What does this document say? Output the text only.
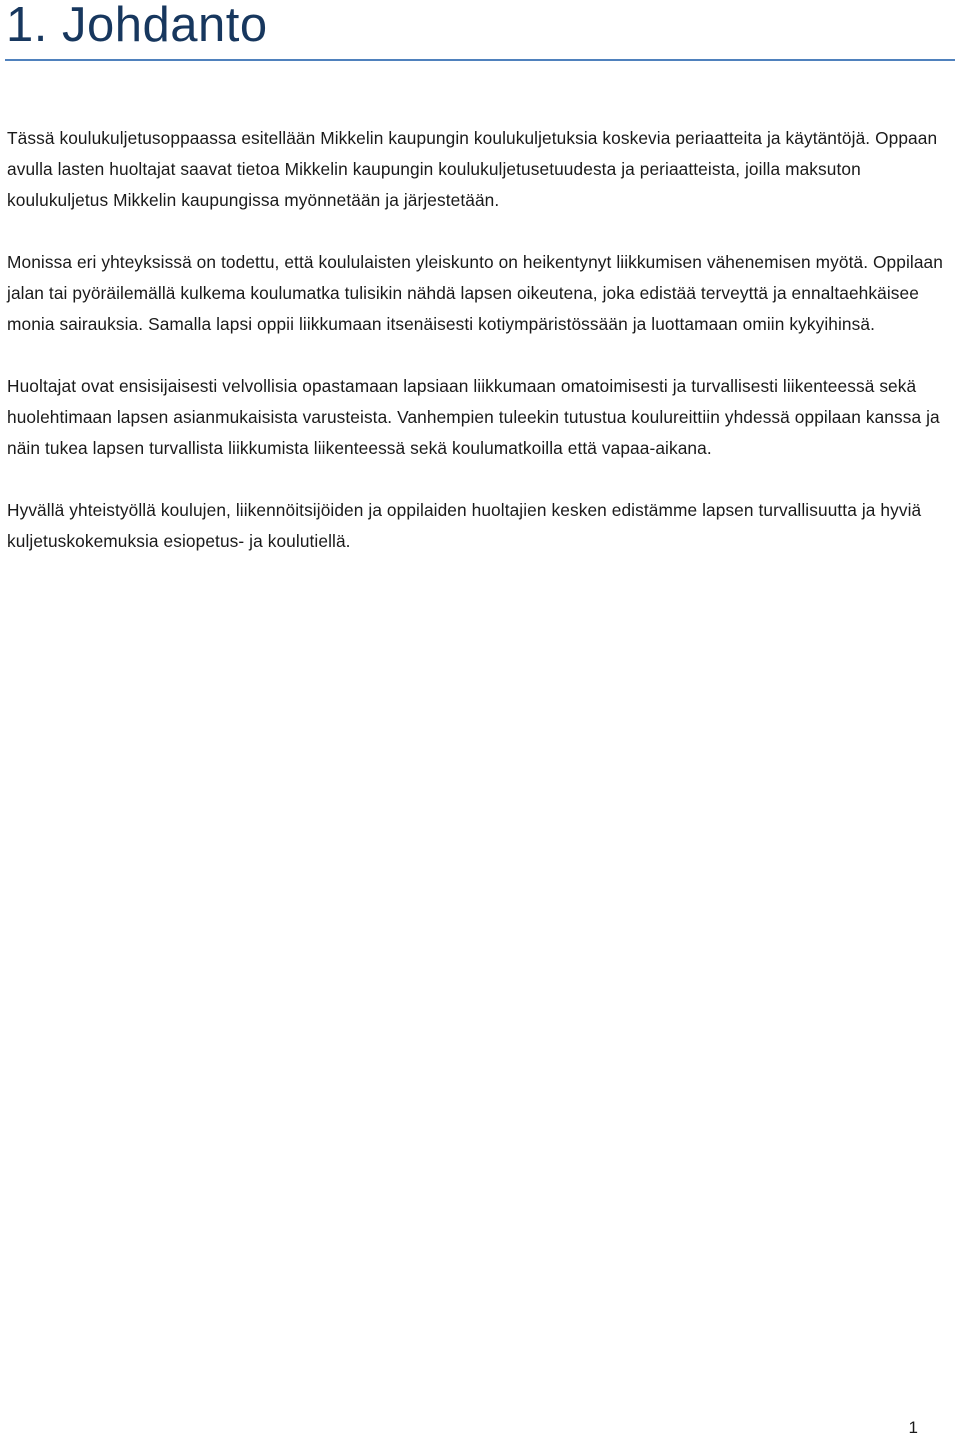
1. Johdanto

Tässä koulukuljetusoppaassa esitellään Mikkelin kaupungin koulukuljetuksia koskevia periaatteita ja käytäntöjä. Oppaan avulla lasten huoltajat saavat tietoa Mikkelin kaupungin koulukuljetusetuudesta ja periaatteista, joilla maksuton koulukuljetus Mikkelin kaupungissa myönnetään ja järjestetään.

Monissa eri yhteyksissä on todettu, että koululaisten yleiskunto on heikentynyt liikkumisen vähenemisen myötä. Oppilaan jalan tai pyöräilemällä kulkema koulumatka tulisikin nähdä lapsen oikeutena, joka edistää terveyttä ja ennaltaehkäisee monia sairauksia. Samalla lapsi oppii liikkumaan itsenäisesti kotiympäristössään ja luottamaan omiin kykyihinsä.

Huoltajat ovat ensisijaisesti velvollisia opastamaan lapsiaan liikkumaan omatoimisesti ja turvallisesti liikenteessä sekä huolehtimaan lapsen asianmukaisista varusteista. Vanhempien tuleekin tutustua koulureittiin yhdessä oppilaan kanssa ja näin tukea lapsen turvallista liikkumista liikenteessä sekä koulumatkoilla että vapaa-aikana.

Hyvällä yhteistyöllä koulujen, liikennöitsijöiden ja oppilaiden huoltajien kesken edistämme lapsen turvallisuutta ja hyviä kuljetuskokemuksia esiopetus- ja koulutiellä.

1
